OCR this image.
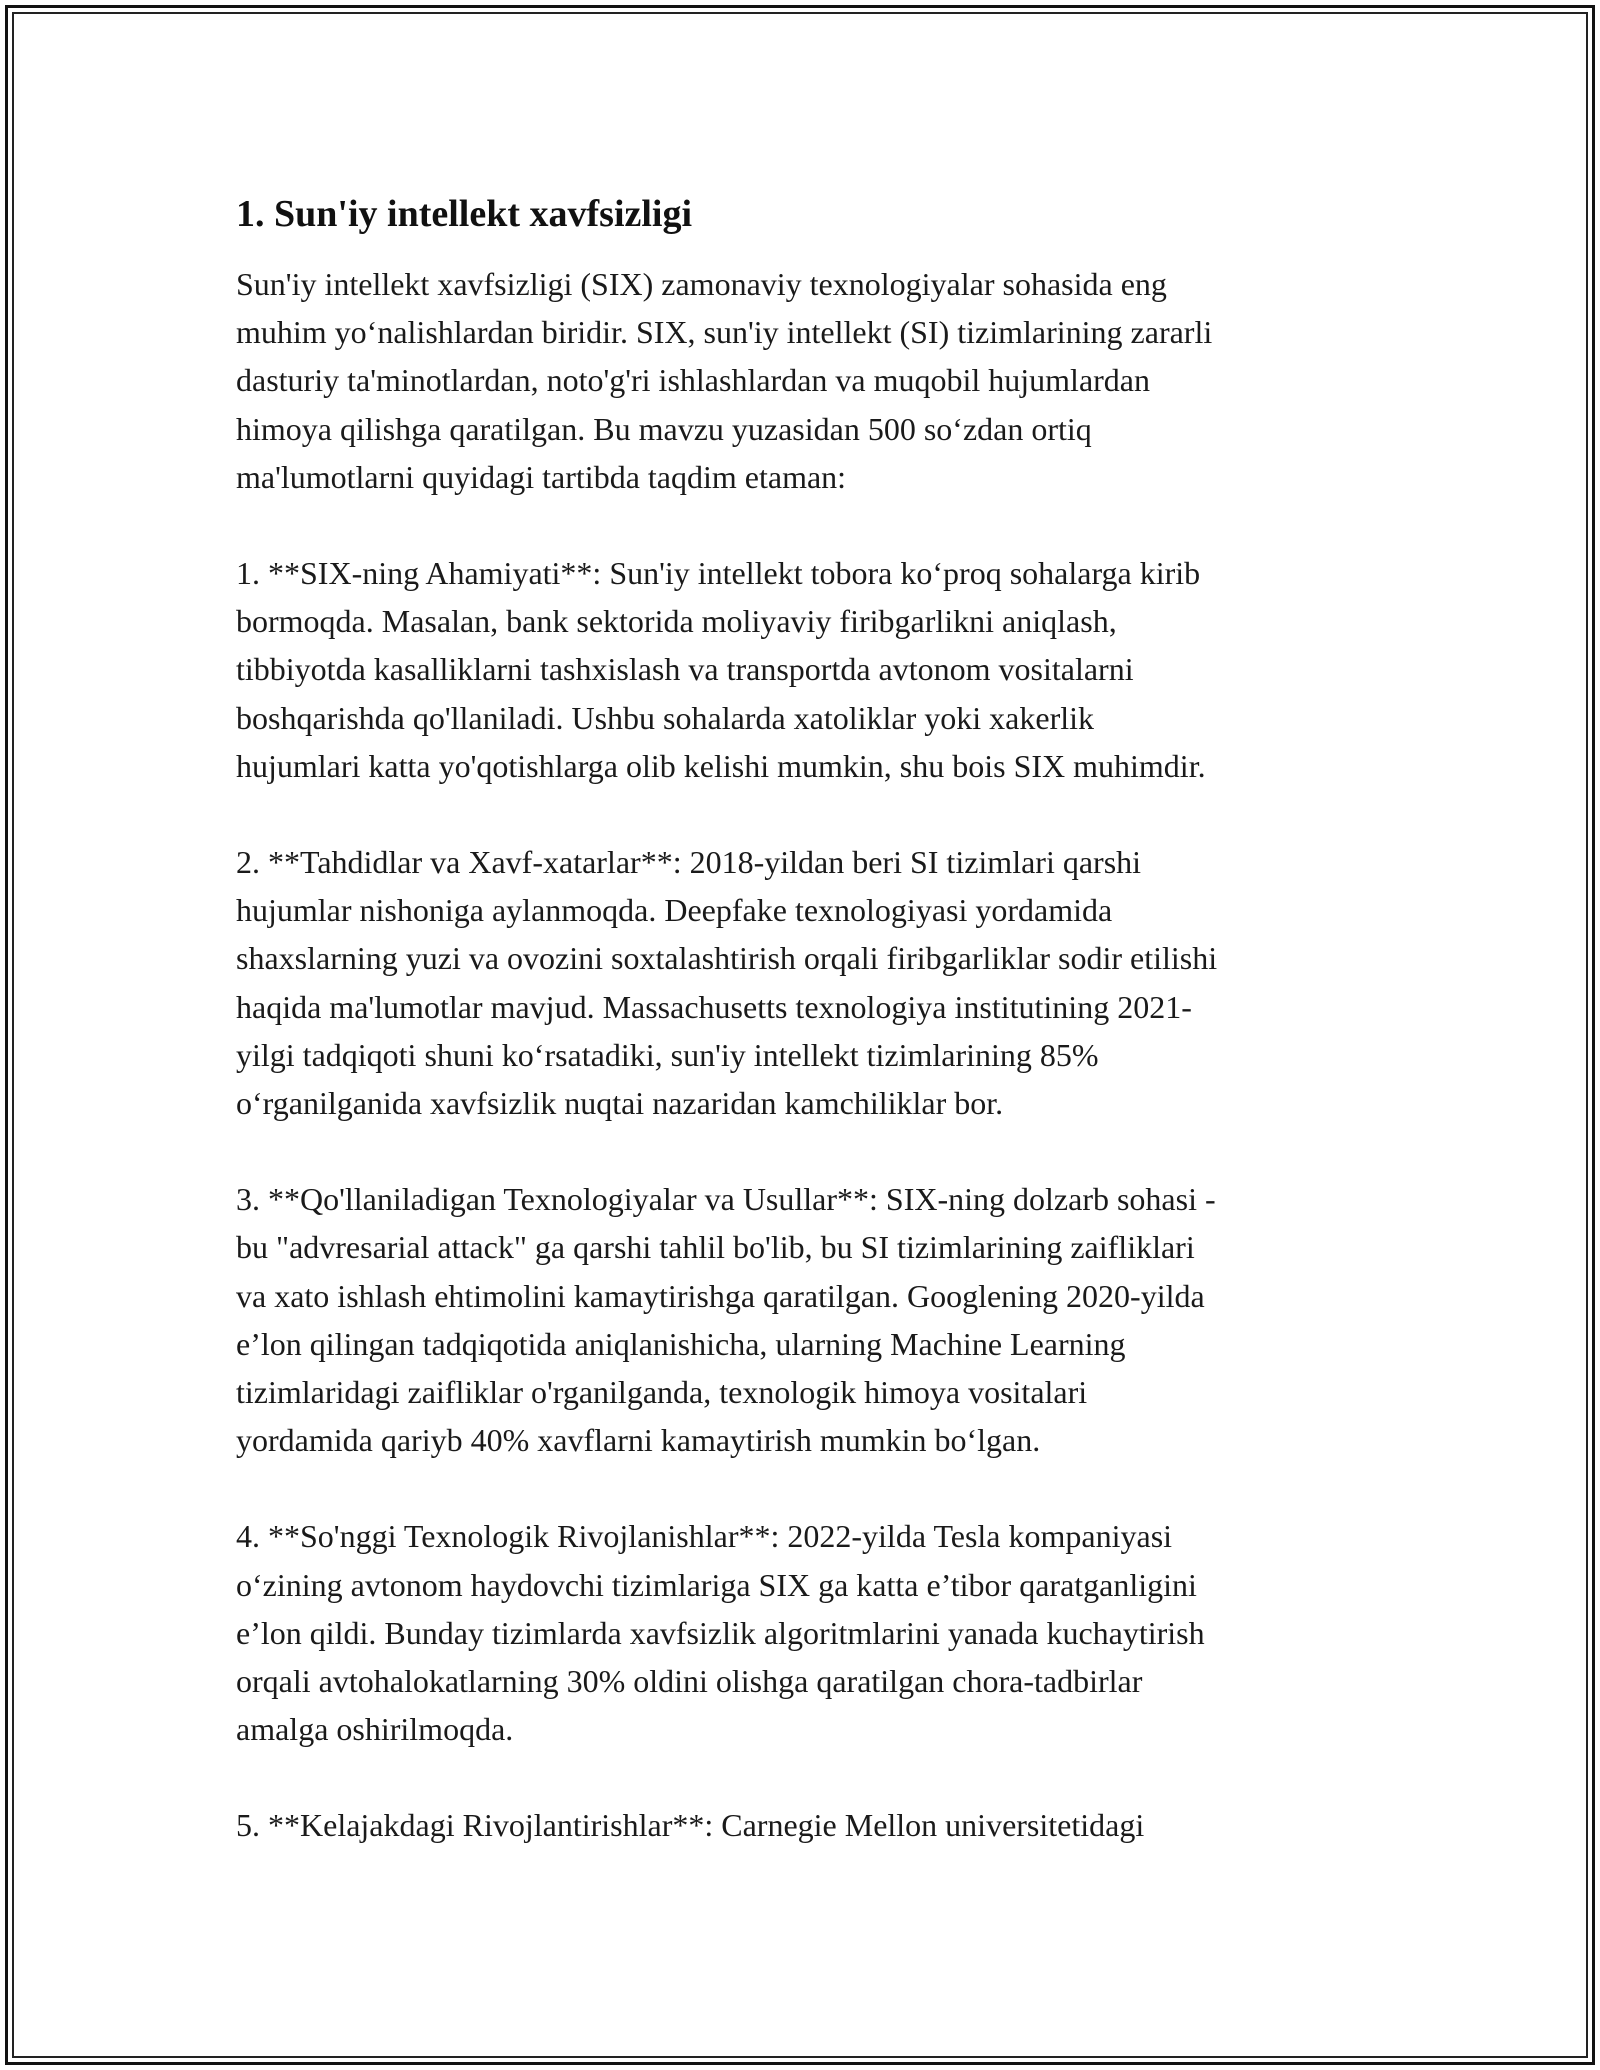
1. Sun'iy intellekt xavfsizligi

Sun'iy intellekt xavfsizligi (SIX) zamonaviy texnologiyalar sohasida eng
muhim yo‘nalishlardan biridir. SIX, sun'iy intellekt (SI) tizimlarining zararli
dasturiy ta'minotlardan, noto'g'ri ishlashlardan va muqobil hujumlardan
himoya qilishga qaratilgan. Bu mavzu yuzasidan 500 so‘zdan ortiq
ma'lumotlarni quyidagi tartibda taqdim etaman:

1. **SIX-ning Ahamiyati**: Sun'iy intellekt tobora ko‘proq sohalarga kirib
bormoqda. Masalan, bank sektorida moliyaviy firibgarlikni aniqlash,
tibbiyotda kasalliklarni tashxislash va transportda avtonom vositalarni
boshqarishda qo'llaniladi. Ushbu sohalarda xatoliklar yoki xakerlik
hujumlari katta yo'qotishlarga olib kelishi mumkin, shu bois SIX muhimdir.

2. **Tahdidlar va Xavf-xatarlar**: 2018-yildan beri SI tizimlari qarshi
hujumlar nishoniga aylanmoqda. Deepfake texnologiyasi yordamida
shaxslarning yuzi va ovozini soxtalashtirish orqali firibgarliklar sodir etilishi
haqida ma'lumotlar mavjud. Massachusetts texnologiya institutining 2021-
yilgi tadqiqoti shuni ko‘rsatadiki, sun'iy intellekt tizimlarining 85%
o‘rganilganida xavfsizlik nuqtai nazaridan kamchiliklar bor.

3. **Qo'llaniladigan Texnologiyalar va Usullar**: SIX-ning dolzarb sohasi -
bu "advresarial attack" ga qarshi tahlil bo'lib, bu SI tizimlarining zaifliklari
va xato ishlash ehtimolini kamaytirishga qaratilgan. Googlening 2020-yilda
e’lon qilingan tadqiqotida aniqlanishicha, ularning Machine Learning
tizimlaridagi zaifliklar o'rganilganda, texnologik himoya vositalari
yordamida qariyb 40% xavflarni kamaytirish mumkin bo‘lgan.

4. **So'nggi Texnologik Rivojlanishlar**: 2022-yilda Tesla kompaniyasi
o‘zining avtonom haydovchi tizimlariga SIX ga katta e’tibor qaratganligini
e’lon qildi. Bunday tizimlarda xavfsizlik algoritmlarini yanada kuchaytirish
orqali avtohalokatlarning 30% oldini olishga qaratilgan chora-tadbirlar
amalga oshirilmoqda.

5. **Kelajakdagi Rivojlantirishlar**: Carnegie Mellon universitetidagi
